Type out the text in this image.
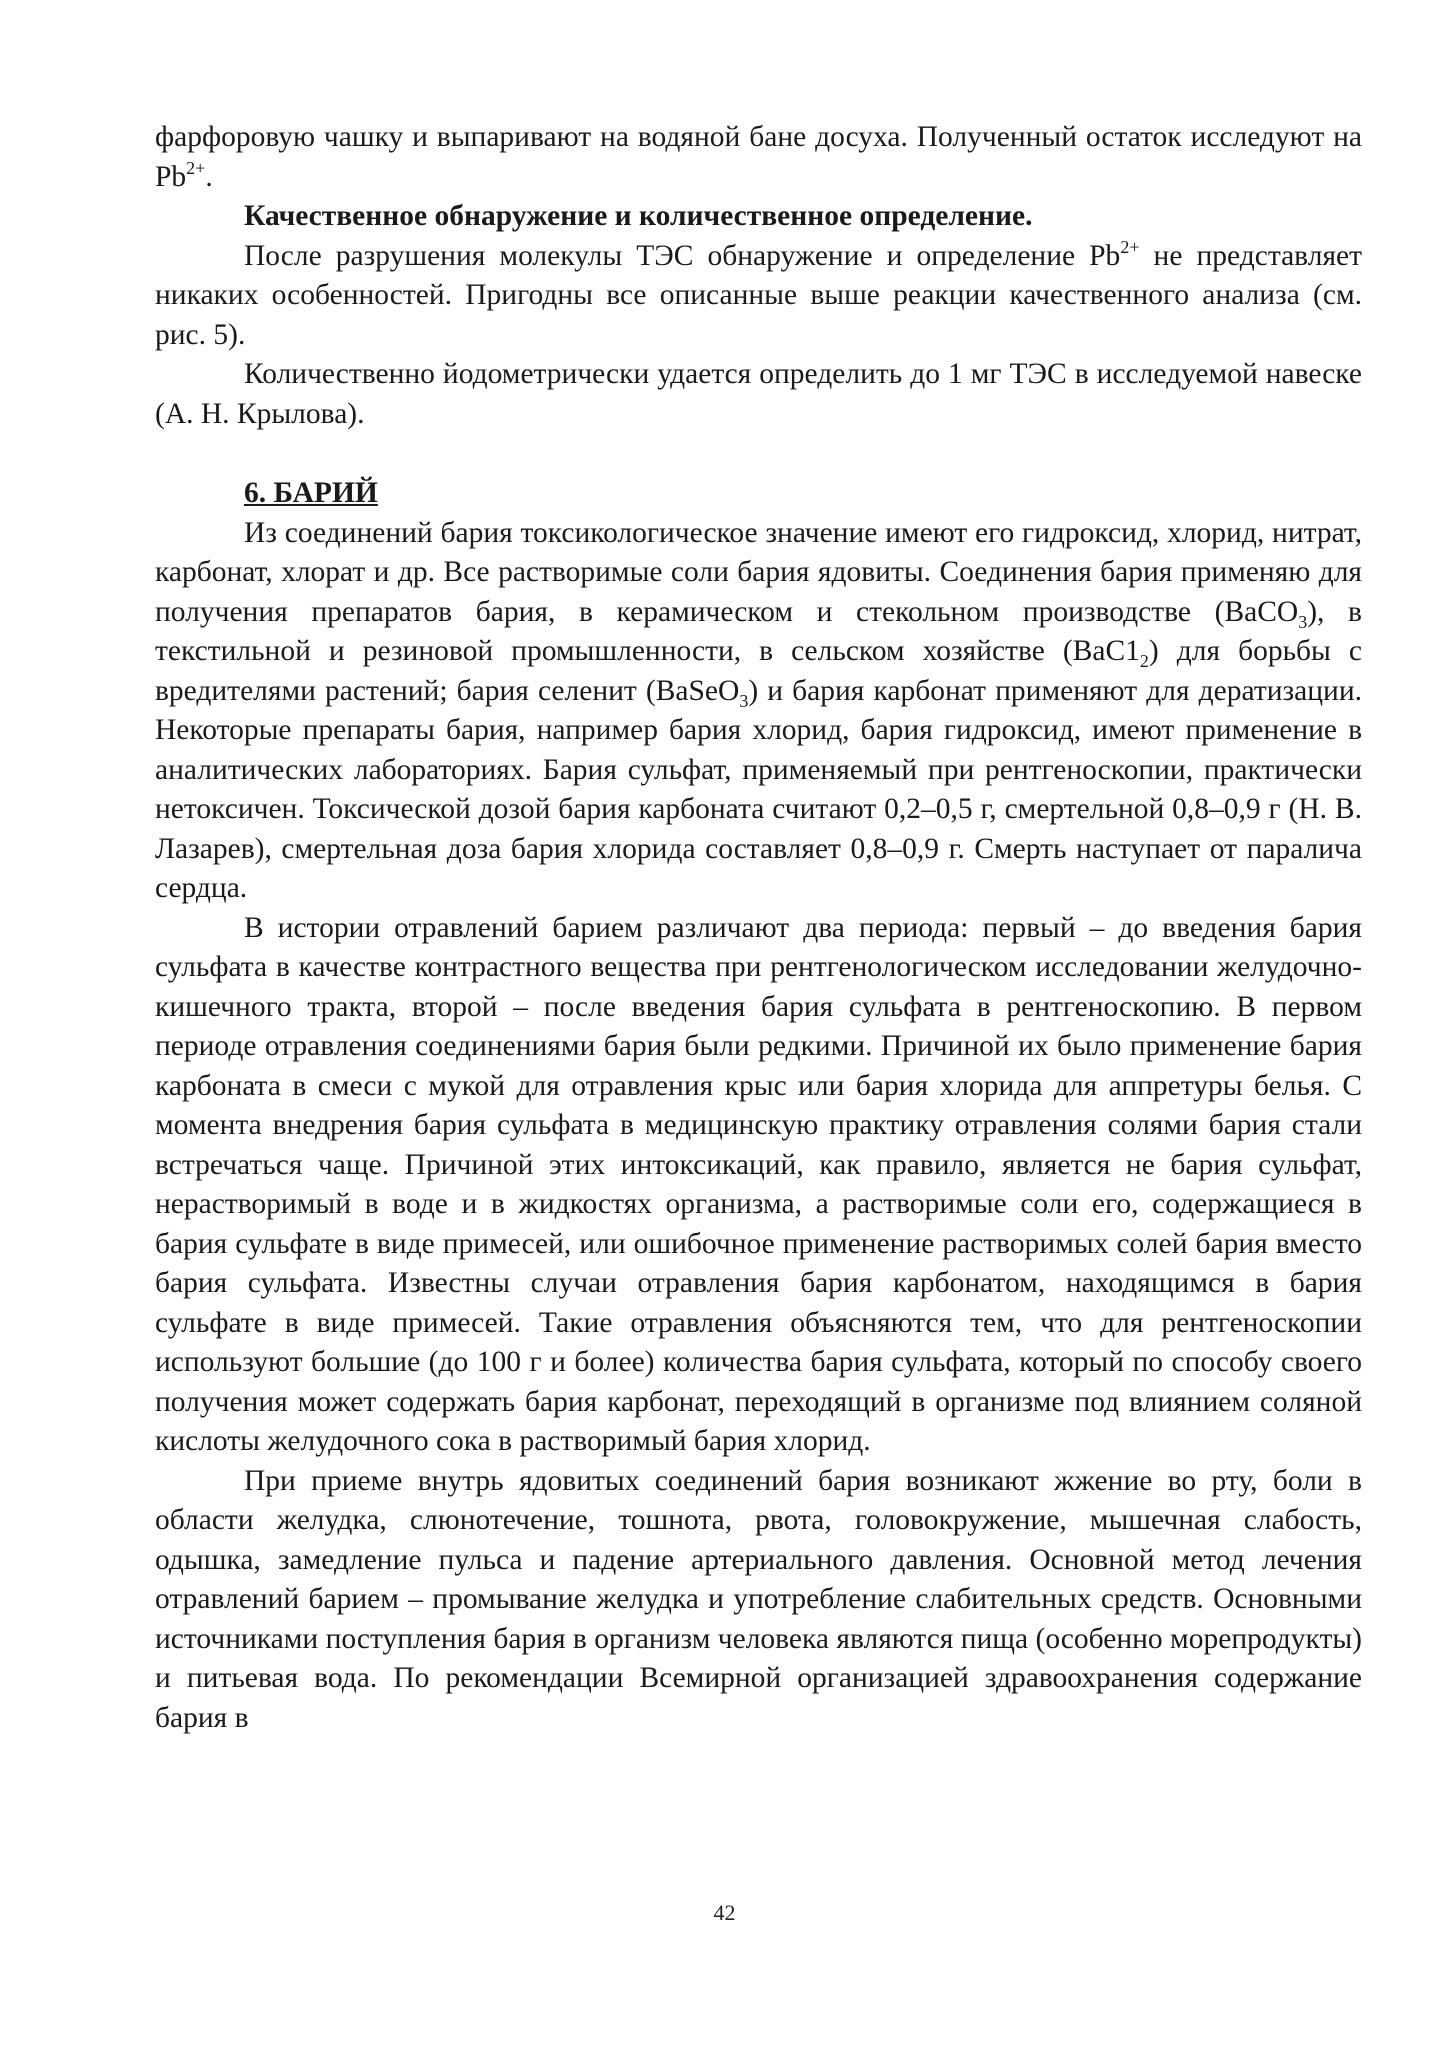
фарфоровую чашку и выпаривают на водяной бане досуха. Полученный остаток исследуют на $Pb^{2+}$.

Качественное обнаружение и количественное определение.

После разрушения молекулы ТЭС обнаружение и определение $Pb^{2+}$ не представляет никаких особенностей. Пригодны все описанные выше реакции качественного анализа (см. рис. 5).

Количественно йодометрически удается определить до 1 мг ТЭС в исследуемой навеске (А. Н. Крылова).

6. БАРИЙ

Из соединений бария токсикологическое значение имеют его гидроксид, хлорид, нитрат, карбонат, хлорат и др. Все растворимые соли бария ядовиты. Соединения бария применяю для получения препаратов бария, в керамическом и стекольном производстве (BaCO$_3$), в текстильной и резиновой промышленности, в сельском хозяйстве $(BaC1_2)$ для борьбы с вредителями растений; бария селенит (BaSeO$_3$) и бария карбонат применяют для дератизации. Некоторые препараты бария, например бария хлорид, бария гидроксид, имеют применение в аналитических лабораториях. Бария сульфат, применяемый при рентгеноскопии, практически нетоксичен. Токсической дозой бария карбоната считают 0,2–0,5 г, смертельной 0,8–0,9 г (Н. В. Лазарев), смертельная доза бария хлорида составляет 0,8–0,9 г. Смерть наступает от паралича сердца.

В истории отравлений барием различают два периода: первый – до введения бария сульфата в качестве контрастного вещества при рентгенологическом исследовании желудочно-кишечного тракта, второй – после введения бария сульфата в рентгеноскопию. В первом периоде отравления соединениями бария были редкими. Причиной их было применение бария карбоната в смеси с мукой для отравления крыс или бария хлорида для аппретуры белья. С момента внедрения бария сульфата в медицинскую практику отравления солями бария стали встречаться чаще. Причиной этих интоксикаций, как правило, является не бария сульфат, нерастворимый в воде и в жидкостях организма, а растворимые соли его, содержащиеся в бария сульфате в виде примесей, или ошибочное применение растворимых солей бария вместо бария сульфата. Известны случаи отравления бария карбонатом, находящимся в бария сульфате в виде примесей. Такие отравления объясняются тем, что для рентгеноскопии используют большие (до 100 г и более) количества бария сульфата, который по способу своего получения может содержать бария карбонат, переходящий в организме под влиянием соляной кислоты желудочного сока в растворимый бария хлорид.

При приеме внутрь ядовитых соединений бария возникают жжение во рту, боли в области желудка, слюнотечение, тошнота, рвота, головокружение, мышечная слабость, одышка, замедление пульса и падение артериального давления. Основной метод лечения отравлений барием – промывание желудка и употребление слабительных средств. Основными источниками поступления бария в организм человека являются пища (особенно морепродукты) и питьевая вода. По рекомендации Всемирной организацией здравоохранения содержание бария в

42
